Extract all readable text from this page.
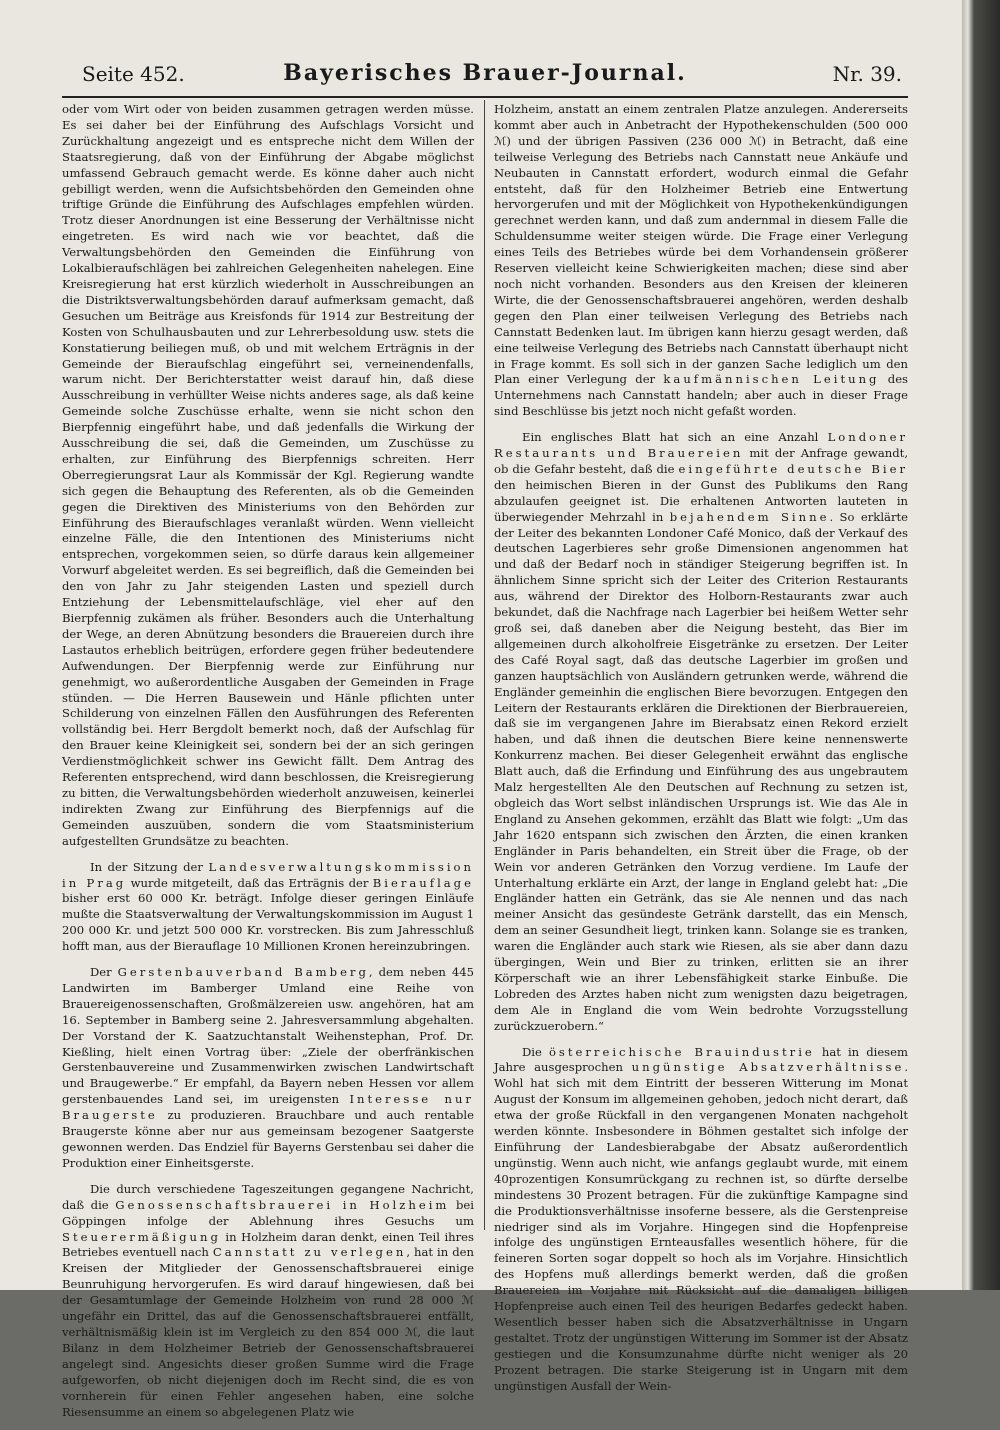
Seite 452.	Bayerisches Brauer-Journal.	Nr. 39.

oder vom Wirt oder von beiden zusammen getragen werden müsse. Es sei daher bei der Einführung des Aufschlags Vorsicht und Zurückhaltung angezeigt und es entspreche nicht dem Willen der Staatsregierung, daß von der Einführung der Abgabe möglichst umfassend Gebrauch gemacht werde. Es könne daher auch nicht gebilligt werden, wenn die Aufsichtsbehörden den Gemeinden ohne triftige Gründe die Einführung des Aufschlages empfehlen würden. Trotz dieser Anordnungen ist eine Besserung der Verhältnisse nicht eingetreten. Es wird nach wie vor beachtet, daß die Verwaltungsbehörden den Gemeinden die Einführung von Lokalbieraufschlägen bei zahlreichen Gelegenheiten nahelegen. Eine Kreisregierung hat erst kürzlich wiederholt in Ausschreibungen an die Distriktsverwaltungsbehörden darauf aufmerksam gemacht, daß Gesuchen um Beiträge aus Kreisfonds für 1914 zur Bestreitung der Kosten von Schulhausbauten und zur Lehrerbesoldung usw. stets die Konstatierung beiliegen muß, ob und mit welchem Erträgnis in der Gemeinde der Bieraufschlag eingeführt sei, verneinendenfalls, warum nicht. Der Berichterstatter weist darauf hin, daß diese Ausschreibung in verhüllter Weise nichts anderes sage, als daß keine Gemeinde solche Zuschüsse erhalte, wenn sie nicht schon den Bierpfennig eingeführt habe, und daß jedenfalls die Wirkung der Ausschreibung die sei, daß die Gemeinden, um Zuschüsse zu erhalten, zur Einführung des Bierpfennigs schreiten. Herr Oberregierungsrat Laur als Kommissär der Kgl. Regierung wandte sich gegen die Behauptung des Referenten, als ob die Gemeinden gegen die Direktiven des Ministeriums von den Behörden zur Einführung des Bieraufschlages veranlaßt würden. Wenn vielleicht einzelne Fälle, die den Intentionen des Ministeriums nicht entsprechen, vorgekommen seien, so dürfe daraus kein allgemeiner Vorwurf abgeleitet werden. Es sei begreiflich, daß die Gemeinden bei den von Jahr zu Jahr steigenden Lasten und speziell durch Entziehung der Lebensmittelaufschläge, viel eher auf den Bierpfennig zukämen als früher. Besonders auch die Unterhaltung der Wege, an deren Abnützung besonders die Brauereien durch ihre Lastautos erheblich beitrügen, erfordere gegen früher bedeutendere Aufwendungen. Der Bierpfennig werde zur Einführung nur genehmigt, wo außerordentliche Ausgaben der Gemeinden in Frage stünden. — Die Herren Bausewein und Hänle pflichten unter Schilderung von einzelnen Fällen den Ausführungen des Referenten vollständig bei. Herr Bergdolt bemerkt noch, daß der Aufschlag für den Brauer keine Kleinigkeit sei, sondern bei der an sich geringen Verdienstmöglichkeit schwer ins Gewicht fällt. Dem Antrag des Referenten entsprechend, wird dann beschlossen, die Kreisregierung zu bitten, die Verwaltungsbehörden wiederholt anzuweisen, keinerlei indirekten Zwang zur Einführung des Bierpfennigs auf die Gemeinden auszuüben, sondern die vom Staatsministerium aufgestellten Grundsätze zu beachten.

In der Sitzung der Landesverwaltungskommission in Prag wurde mitgeteilt, daß das Erträgnis der Bierauflage bisher erst 60 000 Kr. beträgt. Infolge dieser geringen Einläufe mußte die Staatsverwaltung der Verwaltungskommission im August 1 200 000 Kr. und jetzt 500 000 Kr. vorstrecken. Bis zum Jahresschluß hofft man, aus der Bierauflage 10 Millionen Kronen hereinzubringen.

Der Gerstenbauverband Bamberg, dem neben 445 Landwirten im Bamberger Umland eine Reihe von Brauereigenossenschaften, Großmälzereien usw. angehören, hat am 16. September in Bamberg seine 2. Jahresversammlung abgehalten. Der Vorstand der K. Saatzuchtanstalt Weihenstephan, Prof. Dr. Kießling, hielt einen Vortrag über: „Ziele der oberfränkischen Gerstenbauvereine und Zusammenwirken zwischen Landwirtschaft und Braugewerbe.“ Er empfahl, da Bayern neben Hessen vor allem gerstenbauendes Land sei, im ureigensten Interesse nur Braugerste zu produzieren. Brauchbare und auch rentable Braugerste könne aber nur aus gemeinsam bezogener Saatgerste gewonnen werden. Das Endziel für Bayerns Gerstenbau sei daher die Produktion einer Einheitsgerste.

Die durch verschiedene Tageszeitungen gegangene Nachricht, daß die Genossenschaftsbrauerei in Holzheim bei Göppingen infolge der Ablehnung ihres Gesuchs um Steuerermäßigung in Holzheim daran denkt, einen Teil ihres Betriebes eventuell nach Cannstatt zu verlegen, hat in den Kreisen der Mitglieder der Genossenschaftsbrauerei einige Beunruhigung hervorgerufen. Es wird darauf hingewiesen, daß bei der Gesamtumlage der Gemeinde Holzheim von rund 28 000 ℳ ungefähr ein Drittel, das auf die Genossenschaftsbrauerei entfällt, verhältnismäßig klein ist im Vergleich zu den 854 000 ℳ, die laut Bilanz in dem Holzheimer Betrieb der Genossenschaftsbrauerei angelegt sind. Angesichts dieser großen Summe wird die Frage aufgeworfen, ob nicht diejenigen doch im Recht sind, die es von vornherein für einen Fehler angesehen haben, eine solche Riesensumme an einem so abgelegenen Platz wie

Holzheim, anstatt an einem zentralen Platze anzulegen. Andererseits kommt aber auch in Anbetracht der Hypothekenschulden (500 000 ℳ) und der übrigen Passiven (236 000 ℳ) in Betracht, daß eine teilweise Verlegung des Betriebs nach Cannstatt neue Ankäufe und Neubauten in Cannstatt erfordert, wodurch einmal die Gefahr entsteht, daß für den Holzheimer Betrieb eine Entwertung hervorgerufen und mit der Möglichkeit von Hypothekenkündigungen gerechnet werden kann, und daß zum andernmal in diesem Falle die Schuldensumme weiter steigen würde. Die Frage einer Verlegung eines Teils des Betriebes würde bei dem Vorhandensein größerer Reserven vielleicht keine Schwierigkeiten machen; diese sind aber noch nicht vorhanden. Besonders aus den Kreisen der kleineren Wirte, die der Genossenschaftsbrauerei angehören, werden deshalb gegen den Plan einer teilweisen Verlegung des Betriebs nach Cannstatt Bedenken laut. Im übrigen kann hierzu gesagt werden, daß eine teilweise Verlegung des Betriebs nach Cannstatt überhaupt nicht in Frage kommt. Es soll sich in der ganzen Sache lediglich um den Plan einer Verlegung der kaufmännischen Leitung des Unternehmens nach Cannstatt handeln; aber auch in dieser Frage sind Beschlüsse bis jetzt noch nicht gefaßt worden.

Ein englisches Blatt hat sich an eine Anzahl Londoner Restaurants und Brauereien mit der Anfrage gewandt, ob die Gefahr besteht, daß die eingeführte deutsche Bier den heimischen Bieren in der Gunst des Publikums den Rang abzulaufen geeignet ist. Die erhaltenen Antworten lauteten in überwiegender Mehrzahl in bejahendem Sinne. So erklärte der Leiter des bekannten Londoner Café Monico, daß der Verkauf des deutschen Lagerbieres sehr große Dimensionen angenommen hat und daß der Bedarf noch in ständiger Steigerung begriffen ist. In ähnlichem Sinne spricht sich der Leiter des Criterion Restaurants aus, während der Direktor des Holborn-Restaurants zwar auch bekundet, daß die Nachfrage nach Lagerbier bei heißem Wetter sehr groß sei, daß daneben aber die Neigung besteht, das Bier im allgemeinen durch alkoholfreie Eisgetränke zu ersetzen. Der Leiter des Café Royal sagt, daß das deutsche Lagerbier im großen und ganzen hauptsächlich von Ausländern getrunken werde, während die Engländer gemeinhin die englischen Biere bevorzugen. Entgegen den Leitern der Restaurants erklären die Direktionen der Bierbrauereien, daß sie im vergangenen Jahre im Bierabsatz einen Rekord erzielt haben, und daß ihnen die deutschen Biere keine nennenswerte Konkurrenz machen. Bei dieser Gelegenheit erwähnt das englische Blatt auch, daß die Erfindung und Einführung des aus ungebrautem Malz hergestellten Ale den Deutschen auf Rechnung zu setzen ist, obgleich das Wort selbst inländischen Ursprungs ist. Wie das Ale in England zu Ansehen gekommen, erzählt das Blatt wie folgt: „Um das Jahr 1620 entspann sich zwischen den Ärzten, die einen kranken Engländer in Paris behandelten, ein Streit über die Frage, ob der Wein vor anderen Getränken den Vorzug verdiene. Im Laufe der Unterhaltung erklärte ein Arzt, der lange in England gelebt hat: „Die Engländer hatten ein Getränk, das sie Ale nennen und das nach meiner Ansicht das gesündeste Getränk darstellt, das ein Mensch, dem an seiner Gesundheit liegt, trinken kann. Solange sie es tranken, waren die Engländer auch stark wie Riesen, als sie aber dann dazu übergingen, Wein und Bier zu trinken, erlitten sie an ihrer Körperschaft wie an ihrer Lebensfähigkeit starke Einbuße. Die Lobreden des Arztes haben nicht zum wenigsten dazu beigetragen, dem Ale in England die vom Wein bedrohte Vorzugsstellung zurückzuerobern.“

Die österreichische Brauindustrie hat in diesem Jahre ausgesprochen ungünstige Absatzverhältnisse. Wohl hat sich mit dem Eintritt der besseren Witterung im Monat August der Konsum im allgemeinen gehoben, jedoch nicht derart, daß etwa der große Rückfall in den vergangenen Monaten nachgeholt werden könnte. Insbesondere in Böhmen gestaltet sich infolge der Einführung der Landesbierabgabe der Absatz außerordentlich ungünstig. Wenn auch nicht, wie anfangs geglaubt wurde, mit einem 40prozentigen Konsumrückgang zu rechnen ist, so dürfte derselbe mindestens 30 Prozent betragen. Für die zukünftige Kampagne sind die Produktionsverhältnisse insoferne bessere, als die Gerstenpreise niedriger sind als im Vorjahre. Hingegen sind die Hopfenpreise infolge des ungünstigen Ernteausfalles wesentlich höhere, für die feineren Sorten sogar doppelt so hoch als im Vorjahre. Hinsichtlich des Hopfens muß allerdings bemerkt werden, daß die großen Brauereien im Vorjahre mit Rücksicht auf die damaligen billigen Hopfenpreise auch einen Teil des heurigen Bedarfes gedeckt haben. Wesentlich besser haben sich die Absatzverhältnisse in Ungarn gestaltet. Trotz der ungünstigen Witterung im Sommer ist der Absatz gestiegen und die Konsumzunahme dürfte nicht weniger als 20 Prozent betragen. Die starke Steigerung ist in Ungarn mit dem ungünstigen Ausfall der Wein-
